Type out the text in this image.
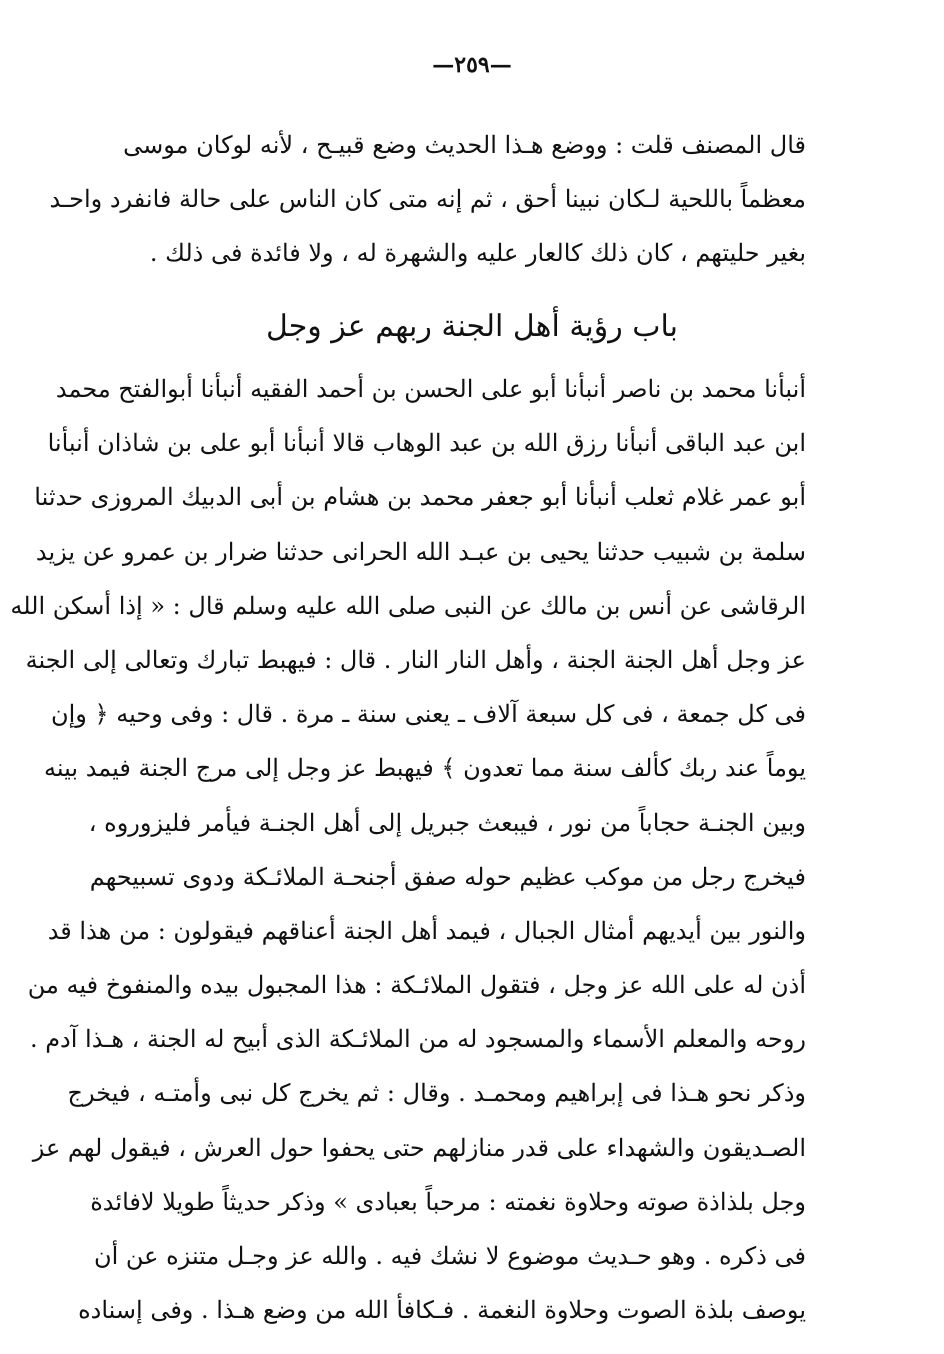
—٢٥٩—
قال المصنف قلت : ووضع هـذا الحديث وضع قبيـح ، لأنه لوكان موسى
معظماً باللحية لـكان نبينا أحق ، ثم إنه متى كان الناس على حالة فانفرد واحـد
بغير حليتهم ، كان ذلك كالعار عليه والشهرة له ، ولا فائدة فى ذلك .
باب رؤية أهل الجنة ربهم عز وجل
أنبأنا محمد بن ناصر أنبأنا أبو على الحسن بن أحمد الفقيه أنبأنا أبوالفتح محمد
ابن عبد الباقى أنبأنا رزق الله بن عبد الوهاب قالا أنبأنا أبو على بن شاذان أنبأنا
أبو عمر غلام ثعلب أنبأنا أبو جعفر محمد بن هشام بن أبى الدبيك المروزى حدثنا
سلمة بن شبيب حدثنا يحيى بن عبـد الله الحرانى حدثنا ضرار بن عمرو عن يزيد
الرقاشى عن أنس بن مالك عن النبى صلى الله عليه وسلم قال : « إذا أسكن الله
عز وجل أهل الجنة الجنة ، وأهل النار النار . قال : فيهبط تبارك وتعالى إلى الجنة
فى كل جمعة ، فى كل سبعة آلاف ـ يعنى سنة ـ مرة . قال : وفى وحيه ﴿ وإن
يوماً عند ربك كألف سنة مما تعدون ﴾ فيهبط عز وجل إلى مرج الجنة فيمد بينه
وبين الجنـة حجاباً من نور ، فيبعث جبريل إلى أهل الجنـة فيأمر فليزوروه ،
فيخرج رجل من موكب عظيم حوله صفق أجنحـة الملائـكة ودوى تسبيحهم
والنور بين أيديهم أمثال الجبال ، فيمد أهل الجنة أعناقهم فيقولون : من هذا قد
أذن له على الله عز وجل ، فتقول الملائـكة : هذا المجبول بيده والمنفوخ فيه من
روحه والمعلم الأسماء والمسجود له من الملائـكة الذى أبيح له الجنة ، هـذا آدم .
وذكر نحو هـذا فى إبراهيم ومحمـد . وقال : ثم يخرج كل نبى وأمتـه ، فيخرج
الصـديقون والشهداء على قدر منازلهم حتى يحفوا حول العرش ، فيقول لهم عز
وجل بلذاذة صوته وحلاوة نغمته : مرحباً بعبادى » وذكر حديثاً طويلا لافائدة
فى ذكره . وهو حـديث موضوع لا نشك فيه . والله عز وجـل متنزه عن أن
يوصف بلذة الصوت وحلاوة النغمة . فـكافأ الله من وضع هـذا . وفى إسناده
